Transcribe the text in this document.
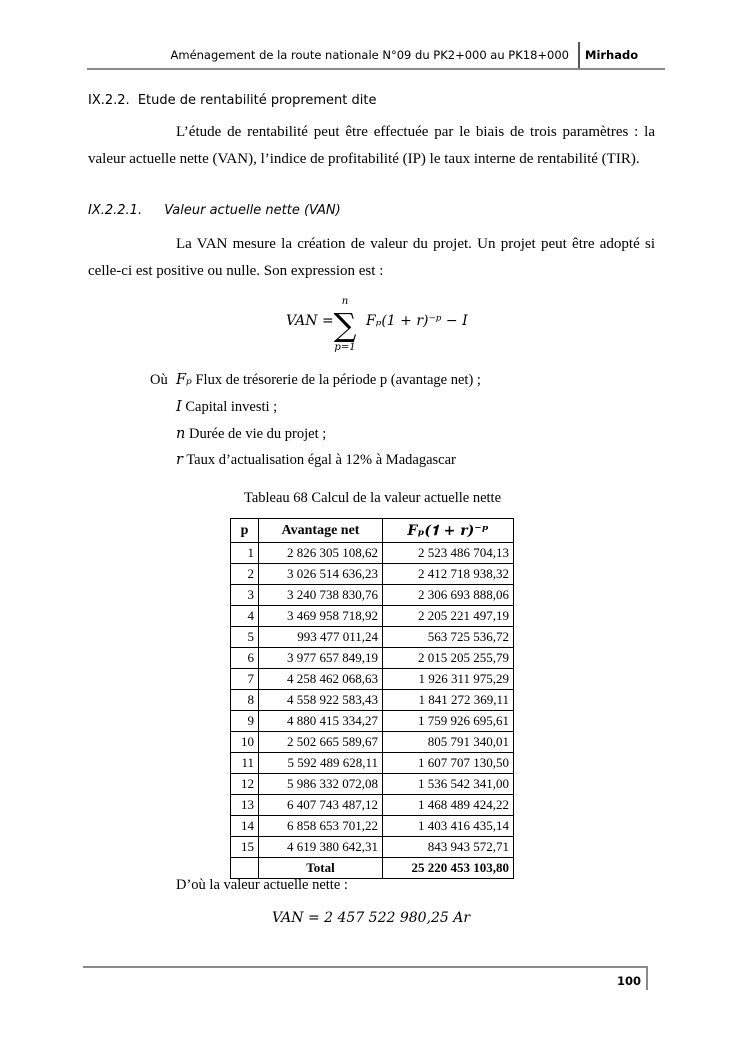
Aménagement de la route nationale N°09 du PK2+000 au PK18+000 Mirhado
IX.2.2. Etude de rentabilité proprement dite
L’étude de rentabilité peut être effectuée par le biais de trois paramètres : la valeur actuelle nette (VAN), l’indice de profitabilité (IP) le taux interne de rentabilité (TIR).
IX.2.2.1. Valeur actuelle nette (VAN)
La VAN mesure la création de valeur du projet. Un projet peut être adopté si celle-ci est positive ou nulle. Son expression est :
VAN =
n
∑
p=1
Fₚ(1 + r)⁻ᵖ − I
Où Fₚ Flux de trésorerie de la période p (avantage net) ;
I Capital investi ;
n Durée de vie du projet ;
r Taux d’actualisation égal à 12% à Madagascar
Tableau 68 Calcul de la valeur actuelle nette
p	Avantage net	𝑭ₚ(𝟏 + 𝒓)⁻ᵖ
1	2 826 305 108,62	2 523 486 704,13
2	3 026 514 636,23	2 412 718 938,32
3	3 240 738 830,76	2 306 693 888,06
4	3 469 958 718,92	2 205 221 497,19
5	993 477 011,24	563 725 536,72
6	3 977 657 849,19	2 015 205 255,79
7	4 258 462 068,63	1 926 311 975,29
8	4 558 922 583,43	1 841 272 369,11
9	4 880 415 334,27	1 759 926 695,61
10	2 502 665 589,67	805 791 340,01
11	5 592 489 628,11	1 607 707 130,50
12	5 986 332 072,08	1 536 542 341,00
13	6 407 743 487,12	1 468 489 424,22
14	6 858 653 701,22	1 403 416 435,14
15	4 619 380 642,31	843 943 572,71
	Total	25 220 453 103,80
D’où la valeur actuelle nette :
VAN = 2 457 522 980,25 Ar
100
